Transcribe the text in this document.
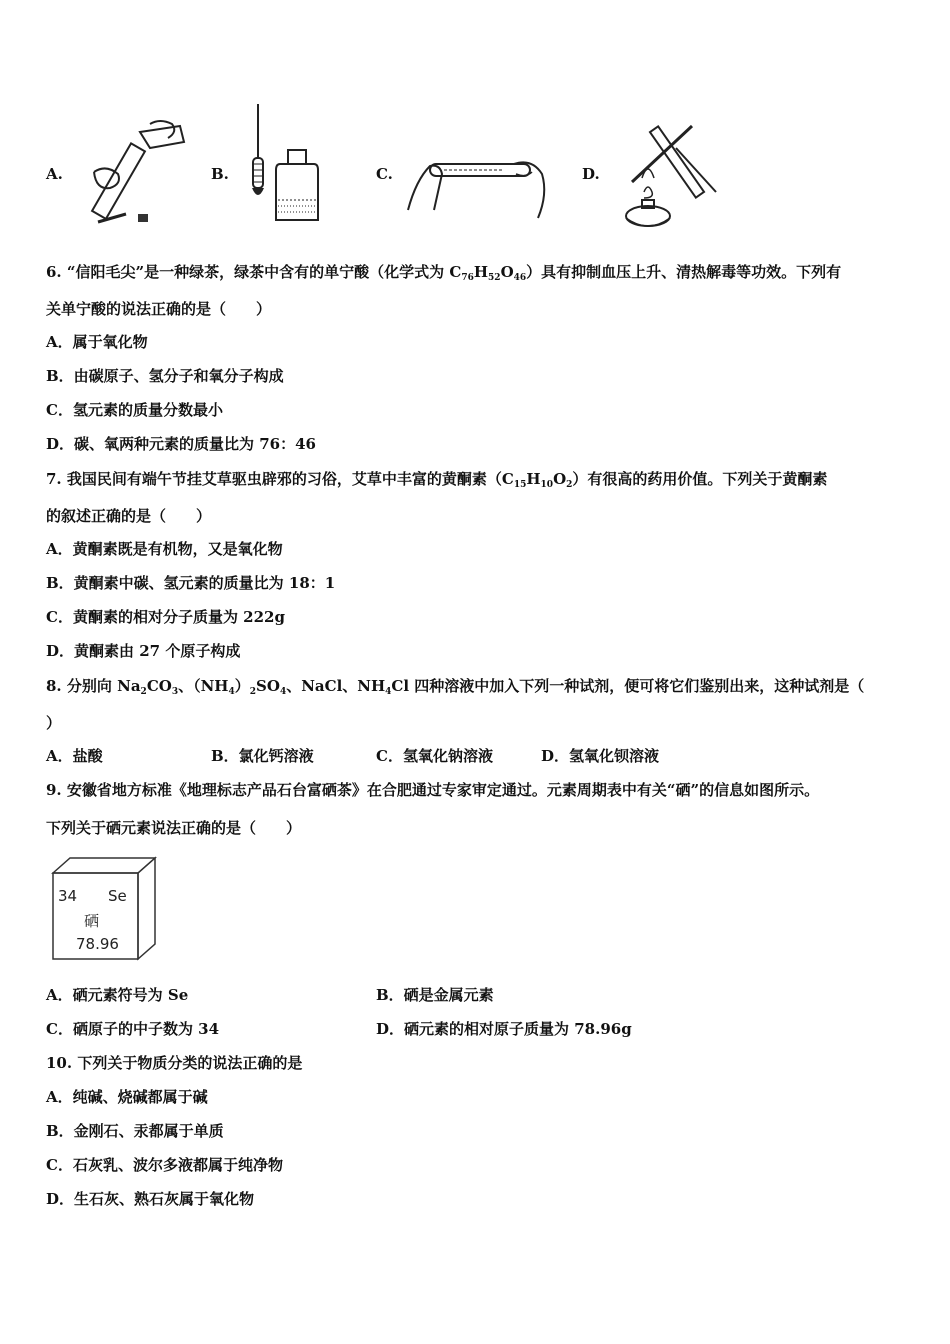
A.	B.	C.	D.
6. “信阳毛尖”是一种绿茶，绿茶中含有的单宁酸（化学式为 $C_{76}H_{52}O_{46}$）具有抑制血压上升、清热解毒等功效。下列有
关单宁酸的说法正确的是（　　）
A．属于氧化物
B．由碳原子、氢分子和氧分子构成
C．氢元素的质量分数最小
D．碳、氧两种元素的质量比为 76：46
7. 我国民间有端午节挂艾草驱虫辟邪的习俗，艾草中丰富的黄酮素$(C_{15}H_{10}O_2)$有很高的药用价值。下列关于黄酮素
的叙述正确的是（　　）
A．黄酮素既是有机物，又是氧化物
B．黄酮素中碳、氢元素的质量比为 18：1
C．黄酮素的相对分子质量为 222g
D．黄酮素由 27 个原子构成
8. 分别向 $Na_2CO_3$、$(NH_4)_2SO_4$、NaCl、$NH_4Cl$ 四种溶液中加入下列一种试剂，便可将它们鉴别出来，这种试剂是（
）
A．盐酸	B．氯化钙溶液	C．氢氧化钠溶液	D．氢氧化钡溶液
9. 安徽省地方标准《地理标志产品石台富硒茶》在合肥通过专家审定通过。元素周期表中有关“硒”的信息如图所示。
下列关于硒元素说法正确的是（　　）
34 Se
硒
78.96
A．硒元素符号为 Se	B．硒是金属元素
C．硒原子的中子数为 34	D．硒元素的相对原子质量为 78.96g
10. 下列关于物质分类的说法正确的是
A．纯碱、烧碱都属于碱
B．金刚石、汞都属于单质
C．石灰乳、波尔多液都属于纯净物
D．生石灰、熟石灰属于氧化物
